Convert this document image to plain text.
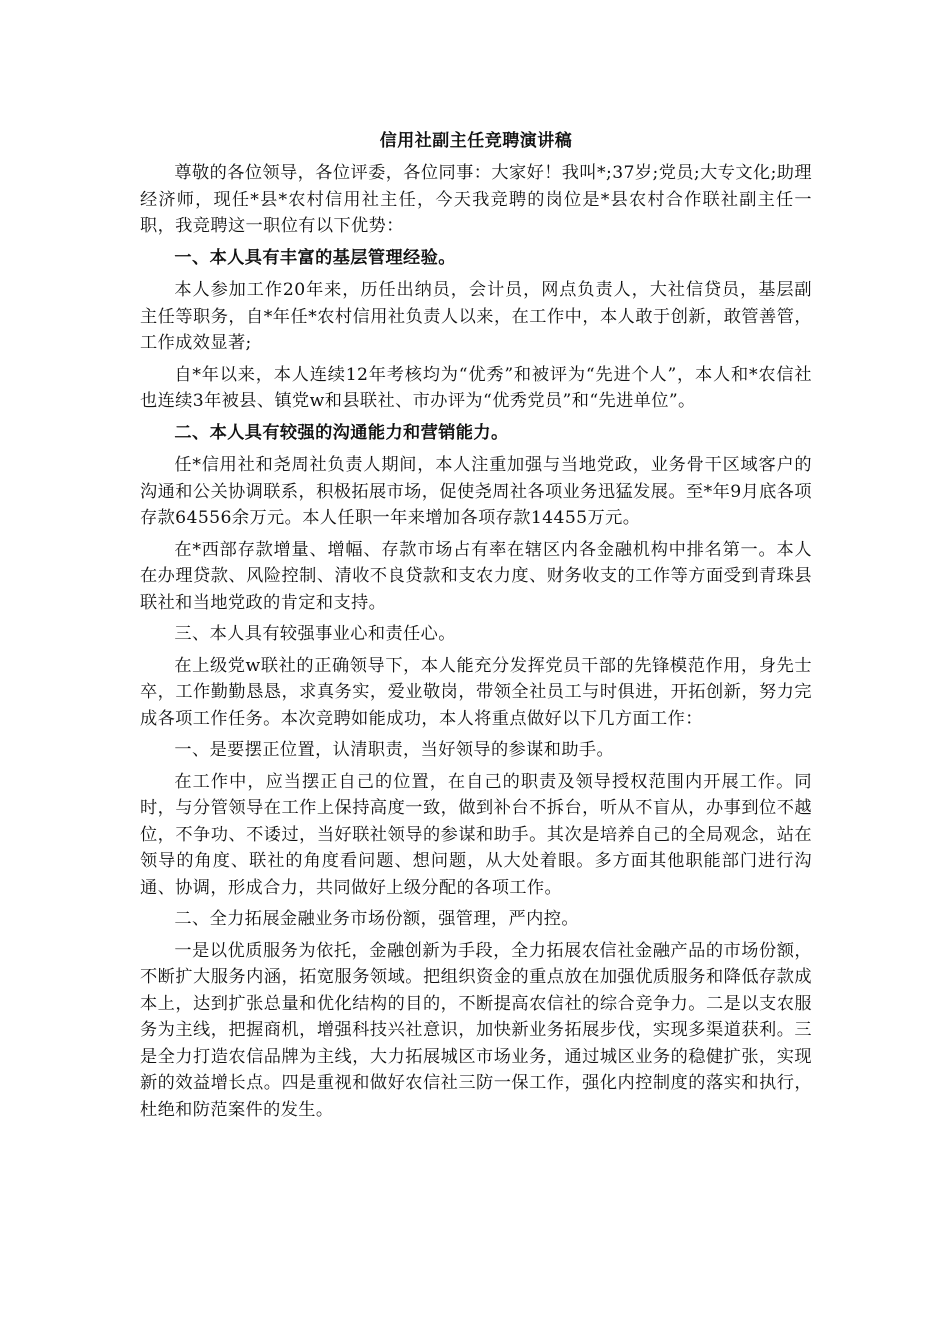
信用社副主任竞聘演讲稿

尊敬的各位领导，各位评委，各位同事：大家好！我叫*;37岁;党员;大专文化;助理经济师，现任*县*农村信用社主任，今天我竞聘的岗位是*县农村合作联社副主任一职，我竞聘这一职位有以下优势：

一、本人具有丰富的基层管理经验。

本人参加工作20年来，历任出纳员，会计员，网点负责人，大社信贷员，基层副主任等职务，自*年任*农村信用社负责人以来，在工作中，本人敢于创新，敢管善管，工作成效显著;

自*年以来，本人连续12年考核均为“优秀”和被评为“先进个人”，本人和*农信社也连续3年被县、镇党w和县联社、市办评为“优秀党员”和“先进单位”。

二、本人具有较强的沟通能力和营销能力。

任*信用社和尧周社负责人期间，本人注重加强与当地党政，业务骨干区域客户的沟通和公关协调联系，积极拓展市场，促使尧周社各项业务迅猛发展。至*年9月底各项存款64556余万元。本人任职一年来增加各项存款14455万元。

在*西部存款增量、增幅、存款市场占有率在辖区内各金融机构中排名第一。本人在办理贷款、风险控制、清收不良贷款和支农力度、财务收支的工作等方面受到青珠县联社和当地党政的肯定和支持。

三、本人具有较强事业心和责任心。

在上级党w联社的正确领导下，本人能充分发挥党员干部的先锋模范作用，身先士卒，工作勤勤恳恳，求真务实，爱业敬岗，带领全社员工与时俱进，开拓创新，努力完成各项工作任务。本次竞聘如能成功，本人将重点做好以下几方面工作：

一、是要摆正位置，认清职责，当好领导的参谋和助手。

在工作中，应当摆正自己的位置，在自己的职责及领导授权范围内开展工作。同时，与分管领导在工作上保持高度一致，做到补台不拆台，听从不盲从，办事到位不越位，不争功、不诿过，当好联社领导的参谋和助手。其次是培养自己的全局观念，站在领导的角度、联社的角度看问题、想问题，从大处着眼。多方面其他职能部门进行沟通、协调，形成合力，共同做好上级分配的各项工作。

二、全力拓展金融业务市场份额，强管理，严内控。

一是以优质服务为依托，金融创新为手段，全力拓展农信社金融产品的市场份额，不断扩大服务内涵，拓宽服务领域。把组织资金的重点放在加强优质服务和降低存款成本上，达到扩张总量和优化结构的目的，不断提高农信社的综合竞争力。二是以支农服务为主线，把握商机，增强科技兴社意识，加快新业务拓展步伐，实现多渠道获利。三是全力打造农信品牌为主线，大力拓展城区市场业务，通过城区业务的稳健扩张，实现新的效益增长点。四是重视和做好农信社三防一保工作，强化内控制度的落实和执行，杜绝和防范案件的发生。
